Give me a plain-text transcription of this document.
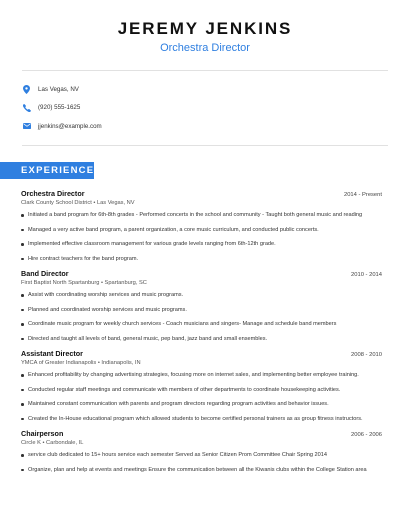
JEREMY JENKINS
Orchestra Director
Las Vegas, NV
(920) 555-1625
jjenkins@example.com
EXPERIENCE
Orchestra Director	2014 - Present
Clark County School District • Las Vegas, NV
Initiated a band program for 6th-8th grades - Performed concerts in the school and community - Taught both general music and reading
Managed a very active band program, a parent organization, a core music curriculum, and conducted public concerts.
Implemented effective classroom management for various grade levels ranging from 6th-12th grade.
Hire contract teachers for the band program.
Band Director	2010 - 2014
First Baptist North Spartanburg • Spartanburg, SC
Assist with coordinating worship services and music programs.
Planned and coordinated worship services and music programs.
Coordinate music program for weekly church services - Coach musicians and singers- Manage and schedule band members
Directed and taught all levels of band, general music, pep band, jazz band and small ensembles.
Assistant Director	2008 - 2010
YMCA of Greater Indianapolis • Indianapolis, IN
Enhanced profitability by changing advertising strategies, focusing more on internet sales, and implementing better employee training.
Conducted regular staff meetings and communicate with members of other departments to coordinate housekeeping activities.
Maintained constant communication with parents and program directors regarding program activities and behavior issues.
Created the In-House educational program which allowed students to become certified personal trainers as as group fitness instructors.
Chairperson	2006 - 2006
Circle K • Carbondale, IL
service club dedicated to 15+ hours service each semester Served as Senior Citizen Prom Committee Chair Spring 2014
Organize, plan and help at events and meetings Ensure the communication between all the Kiwanis clubs within the College Station area
